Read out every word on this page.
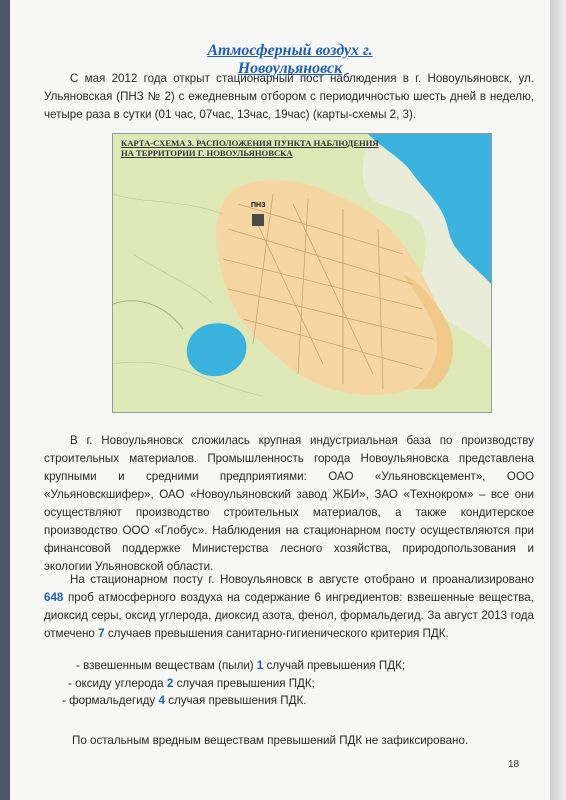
Атмосферный воздух г. Новоульяновск
С мая 2012 года открыт стационарный пост наблюдения в г. Новоульяновск, ул. Ульяновская (ПНЗ № 2) с ежедневным отбором с периодичностью шесть дней в неделю, четыре раза в сутки (01 час, 07час, 13час, 19час) (карты-схемы 2, 3).
КАРТА-СХЕМА 3. РАСПОЛОЖЕНИЯ ПУНКТА НАБЛЮДЕНИЯ
НА ТЕРРИТОРИИ Г. НОВОУЛЬЯНОВСКА
ПНЗ
В г. Новоульяновск сложилась крупная индустриальная база по производству строительных материалов. Промышленность города Новоульяновска представлена крупными и средними предприятиями: ОАО «Ульяновскцемент», ООО «Ульяновскшифер», ОАО «Новоульяновский завод ЖБИ», ЗАО «Технокром» – все они осуществляют производство строительных материалов, а также кондитерское производство ООО «Глобус». Наблюдения на стационарном посту осуществляются при финансовой поддержке Министерства лесного хозяйства, природопользования и экологии Ульяновской области.
На стационарном посту г. Новоульяновск в августе отобрано и проанализировано 648 проб атмосферного воздуха на содержание 6 ингредиентов: взвешенные вещества, диоксид серы, оксид углерода, диоксид азота, фенол, формальдегид. За август 2013 года отмечено 7 случаев превышения санитарно-гигиенического критерия ПДК.
- взвешенным веществам (пыли) 1 случай превышения ПДК;
- оксиду углерода 2 случая превышения ПДК;
- формальдегиду 4 случая превышения ПДК.
По остальным вредным веществам превышений ПДК не зафиксировано.
18
